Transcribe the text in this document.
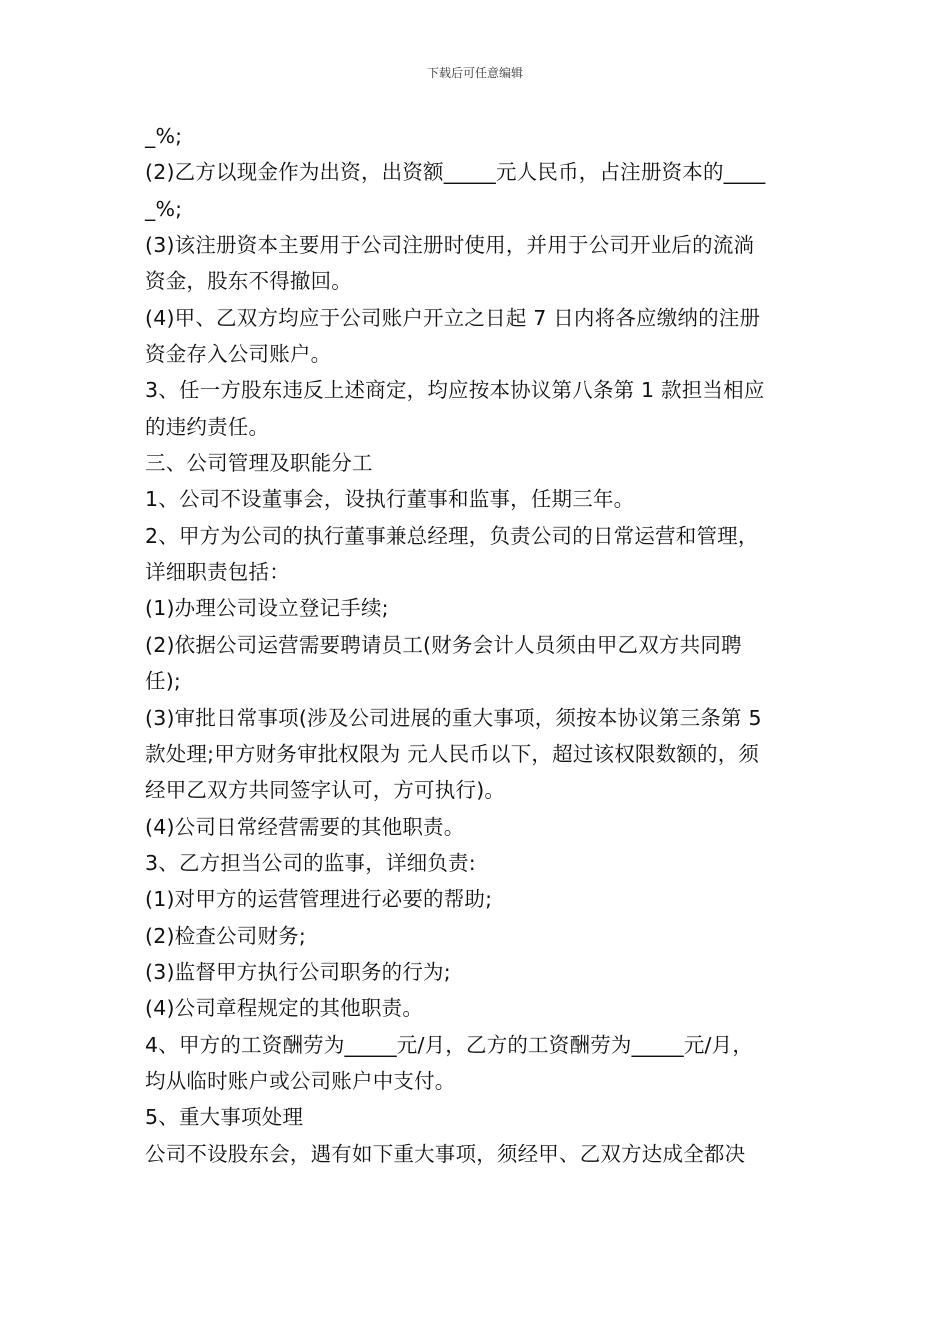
下载后可任意编辑
_%;
(2)乙方以现金作为出资，出资额_____元人民币，占注册资本的____
_%;
(3)该注册资本主要用于公司注册时使用，并用于公司开业后的流淌
资金，股东不得撤回。
(4)甲、乙双方均应于公司账户开立之日起 7 日内将各应缴纳的注册
资金存入公司账户。
3、任一方股东违反上述商定，均应按本协议第八条第 1 款担当相应
的违约责任。
三、公司管理及职能分工
1、公司不设董事会，设执行董事和监事，任期三年。
2、甲方为公司的执行董事兼总经理，负责公司的日常运营和管理，
详细职责包括：
(1)办理公司设立登记手续;
(2)依据公司运营需要聘请员工(财务会计人员须由甲乙双方共同聘
任);
(3)审批日常事项(涉及公司进展的重大事项，须按本协议第三条第 5
款处理;甲方财务审批权限为 元人民币以下，超过该权限数额的，须
经甲乙双方共同签字认可，方可执行)。
(4)公司日常经营需要的其他职责。
3、乙方担当公司的监事，详细负责:
(1)对甲方的运营管理进行必要的帮助;
(2)检查公司财务;
(3)监督甲方执行公司职务的行为;
(4)公司章程规定的其他职责。
4、甲方的工资酬劳为_____元/月，乙方的工资酬劳为_____元/月，
均从临时账户或公司账户中支付。
5、重大事项处理
公司不设股东会，遇有如下重大事项，须经甲、乙双方达成全都决
